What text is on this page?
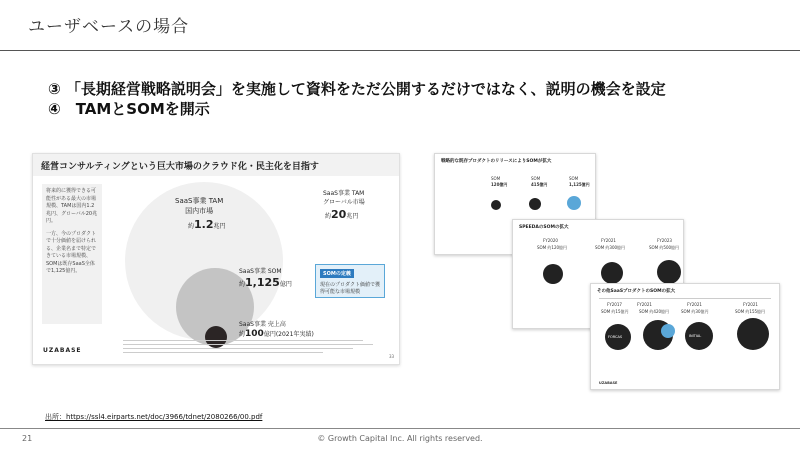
ユーザベースの場合
③ 「長期経営戦略説明会」を実施して資料をただ公開するだけではなく、説明の機会を設定
④　TAMとSOMを開示
経営コンサルティングという巨大市場のクラウド化・民主化を目指す

将来的に獲得できる可能性がある最大の市場規模、TAMは国内1.2兆円、グローバル20兆円。

一方、今のプロダクトで十分価値を届けられる、企業名まで特定できている市場規模、SOMは既存SaaS全体で1,125億円。

SaaS事業 TAM
国内市場
約1.2兆円
SaaS事業 TAM
グローバル市場
約20兆円
SaaS事業 SOM
約1,125億円
SaaS事業 売上高
約100億円(2021年実績)
SOMの定義
現在のプロダクト価値で獲得可能な市場規模
UZABASE
33
戦略的な既存プロダクトのリリースによりSOMが拡大
SOM
120億円
SOM
415億円
SOM
1,125億円
SPEEDAのSOMの拡大
FY2020
SOM 約120億円
FY2021
SOM 約300億円
FY2023
SOM 約500億円
その他SaaSプロダクトのSOMの拡大
FY2017
SOM 約15億円
FY2021
SOM 約420億円
FY2021
SOM 約30億円
FY2021
SOM 約155億円
FORCAS	INITIAL
UZABASE
出所：https://ssl4.eirparts.net/doc/3966/tdnet/2080266/00.pdf
21	© Growth Capital Inc. All rights reserved.
